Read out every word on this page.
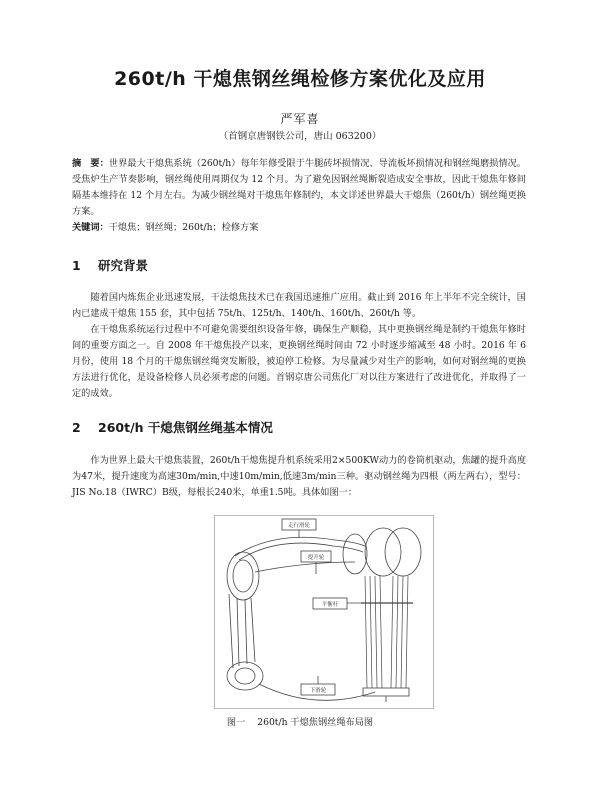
260t/h 干熄焦钢丝绳检修方案优化及应用
严军喜
（首钢京唐钢铁公司，唐山 063200）

摘　要：世界最大干熄焦系统（260t/h）每年年修受限于牛腿砖坏损情况、导流板坏损情况和钢丝绳磨损情况。受焦炉生产节奏影响，钢丝绳使用周期仅为 12 个月。为了避免因钢丝绳断裂造成安全事故，因此干熄焦年修间隔基本维持在 12 个月左右。为减少钢丝绳对干熄焦年修制约，本文详述世界最大干熄焦（260t/h）钢丝绳更换方案。

关键词：干熄焦；钢丝绳；260t/h；检修方案

1 研究背景

随着国内炼焦企业迅速发展，干法熄焦技术已在我国迅速推广应用。截止到 2016 年上半年不完全统计，国内已建成干熄焦 155 套，其中包括 75t/h、125t/h、140t/h、160t/h、260t/h 等。

在干熄焦系统运行过程中不可避免需要组织设备年修，确保生产顺稳，其中更换钢丝绳是制约干熄焦年修时间的重要方面之一。自 2008 年干熄焦投产以来，更换钢丝绳时间由 72 小时逐步缩减至 48 小时。2016 年 6 月份，使用 18 个月的干熄焦钢丝绳突发断股，被迫停工检修。为尽量减少对生产的影响，如何对钢丝绳的更换方法进行优化，是设备检修人员必须考虑的问题。首钢京唐公司焦化厂对以往方案进行了改进优化，并取得了一定的成效。

2 260t/h 干熄焦钢丝绳基本情况

作为世界上最大干熄焦装置，260t/h干熄焦提升机系统采用2×500KW动力的卷筒机驱动，焦罐的提升高度为47米，提升速度为高速30m/min,中速10m/min,低速3m/min三种。驱动钢丝绳为四根（两左两右），型号：JIS No.18（IWRC）B级，每根长240米，单重1.5吨。具体如图一：

走行滑轮
提升轮
平衡杆
下滑轮
图一 260t/h 干熄焦钢丝绳布局图
